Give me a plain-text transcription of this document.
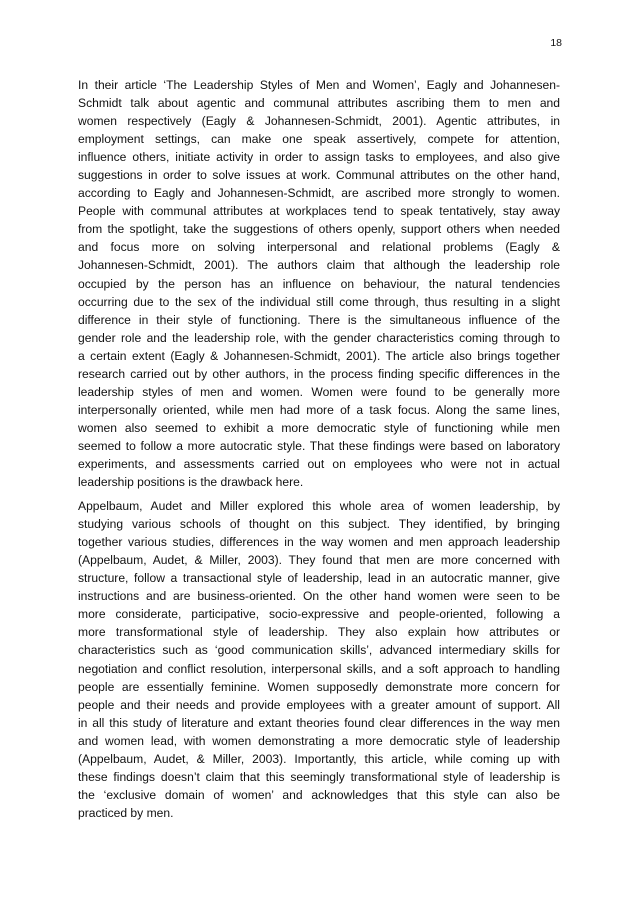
18
In their article ‘The Leadership Styles of Men and Women’, Eagly and Johannesen-
Schmidt talk about agentic and communal attributes ascribing them to men and
women respectively (Eagly & Johannesen-Schmidt, 2001). Agentic attributes, in
employment settings, can make one speak assertively, compete for attention,
influence others, initiate activity in order to assign tasks to employees, and also give
suggestions in order to solve issues at work. Communal attributes on the other hand,
according to Eagly and Johannesen-Schmidt, are ascribed more strongly to women.
People with communal attributes at workplaces tend to speak tentatively, stay away
from the spotlight, take the suggestions of others openly, support others when needed
and focus more on solving interpersonal and relational problems (Eagly &
Johannesen-Schmidt, 2001). The authors claim that although the leadership role
occupied by the person has an influence on behaviour, the natural tendencies
occurring due to the sex of the individual still come through, thus resulting in a slight
difference in their style of functioning. There is the simultaneous influence of the
gender role and the leadership role, with the gender characteristics coming through to
a certain extent (Eagly & Johannesen-Schmidt, 2001). The article also brings together
research carried out by other authors, in the process finding specific differences in the
leadership styles of men and women. Women were found to be generally more
interpersonally oriented, while men had more of a task focus. Along the same lines,
women also seemed to exhibit a more democratic style of functioning while men
seemed to follow a more autocratic style. That these findings were based on laboratory
experiments, and assessments carried out on employees who were not in actual
leadership positions is the drawback here.
Appelbaum, Audet and Miller explored this whole area of women leadership, by
studying various schools of thought on this subject. They identified, by bringing
together various studies, differences in the way women and men approach leadership
(Appelbaum, Audet, & Miller, 2003). They found that men are more concerned with
structure, follow a transactional style of leadership, lead in an autocratic manner, give
instructions and are business-oriented. On the other hand women were seen to be
more considerate, participative, socio-expressive and people-oriented, following a
more transformational style of leadership. They also explain how attributes or
characteristics such as ‘good communication skills’, advanced intermediary skills for
negotiation and conflict resolution, interpersonal skills, and a soft approach to handling
people are essentially feminine. Women supposedly demonstrate more concern for
people and their needs and provide employees with a greater amount of support. All
in all this study of literature and extant theories found clear differences in the way men
and women lead, with women demonstrating a more democratic style of leadership
(Appelbaum, Audet, & Miller, 2003). Importantly, this article, while coming up with
these findings doesn’t claim that this seemingly transformational style of leadership is
the ‘exclusive domain of women’ and acknowledges that this style can also be
practiced by men.
